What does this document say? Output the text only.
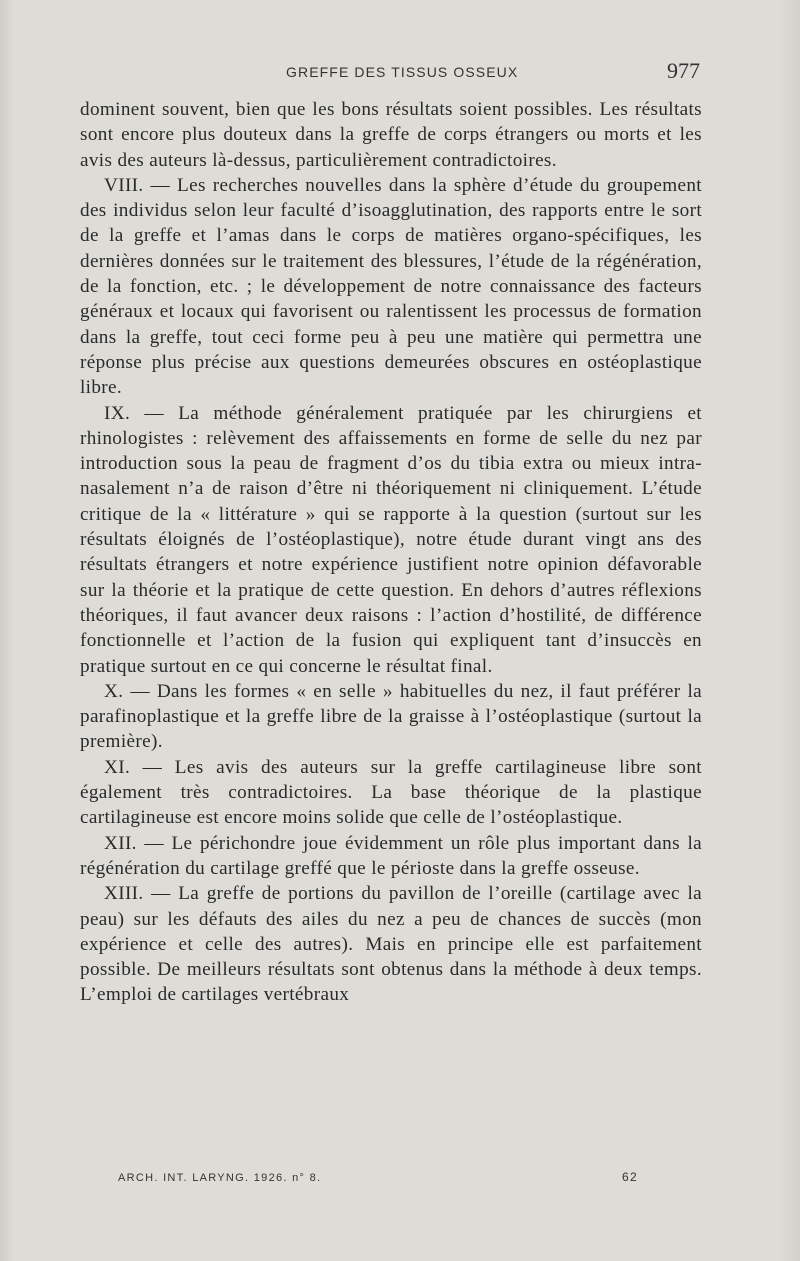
GREFFE DES TISSUS OSSEUX	977

dominent souvent, bien que les bons résultats soient possibles. Les résultats sont encore plus douteux dans la greffe de corps étrangers ou morts et les avis des auteurs là-dessus, particulièrement contradictoires.

VIII. — Les recherches nouvelles dans la sphère d’étude du groupement des individus selon leur faculté d’isoagglutination, des rapports entre le sort de la greffe et l’amas dans le corps de matières organo-spécifiques, les dernières données sur le traitement des blessures, l’étude de la régénération, de la fonction, etc. ; le développement de notre connaissance des facteurs généraux et locaux qui favorisent ou ralentissent les processus de formation dans la greffe, tout ceci forme peu à peu une matière qui permettra une réponse plus précise aux questions demeurées obscures en ostéoplastique libre.

IX. — La méthode généralement pratiquée par les chirurgiens et rhinologistes : relèvement des affaissements en forme de selle du nez par introduction sous la peau de fragment d’os du tibia extra ou mieux intra-nasalement n’a de raison d’être ni théoriquement ni cliniquement. L’étude critique de la « littérature » qui se rapporte à la question (surtout sur les résultats éloignés de l’ostéoplastique), notre étude durant vingt ans des résultats étrangers et notre expérience justifient notre opinion défavorable sur la théorie et la pratique de cette question. En dehors d’autres réflexions théoriques, il faut avancer deux raisons : l’action d’hostilité, de différence fonctionnelle et l’action de la fusion qui expliquent tant d’insuccès en pratique surtout en ce qui concerne le résultat final.

X. — Dans les formes « en selle » habituelles du nez, il faut préférer la parafinoplastique et la greffe libre de la graisse à l’ostéoplastique (surtout la première).

XI. — Les avis des auteurs sur la greffe cartilagineuse libre sont également très contradictoires. La base théorique de la plastique cartilagineuse est encore moins solide que celle de l’ostéoplastique.

XII. — Le périchondre joue évidemment un rôle plus important dans la régénération du cartilage greffé que le périoste dans la greffe osseuse.

XIII. — La greffe de portions du pavillon de l’oreille (cartilage avec la peau) sur les défauts des ailes du nez a peu de chances de succès (mon expérience et celle des autres). Mais en principe elle est parfaitement possible. De meilleurs résultats sont obtenus dans la méthode à deux temps. L’emploi de cartilages vertébraux

ARCH. INT. LARYNG. 1926. n° 8.	62
